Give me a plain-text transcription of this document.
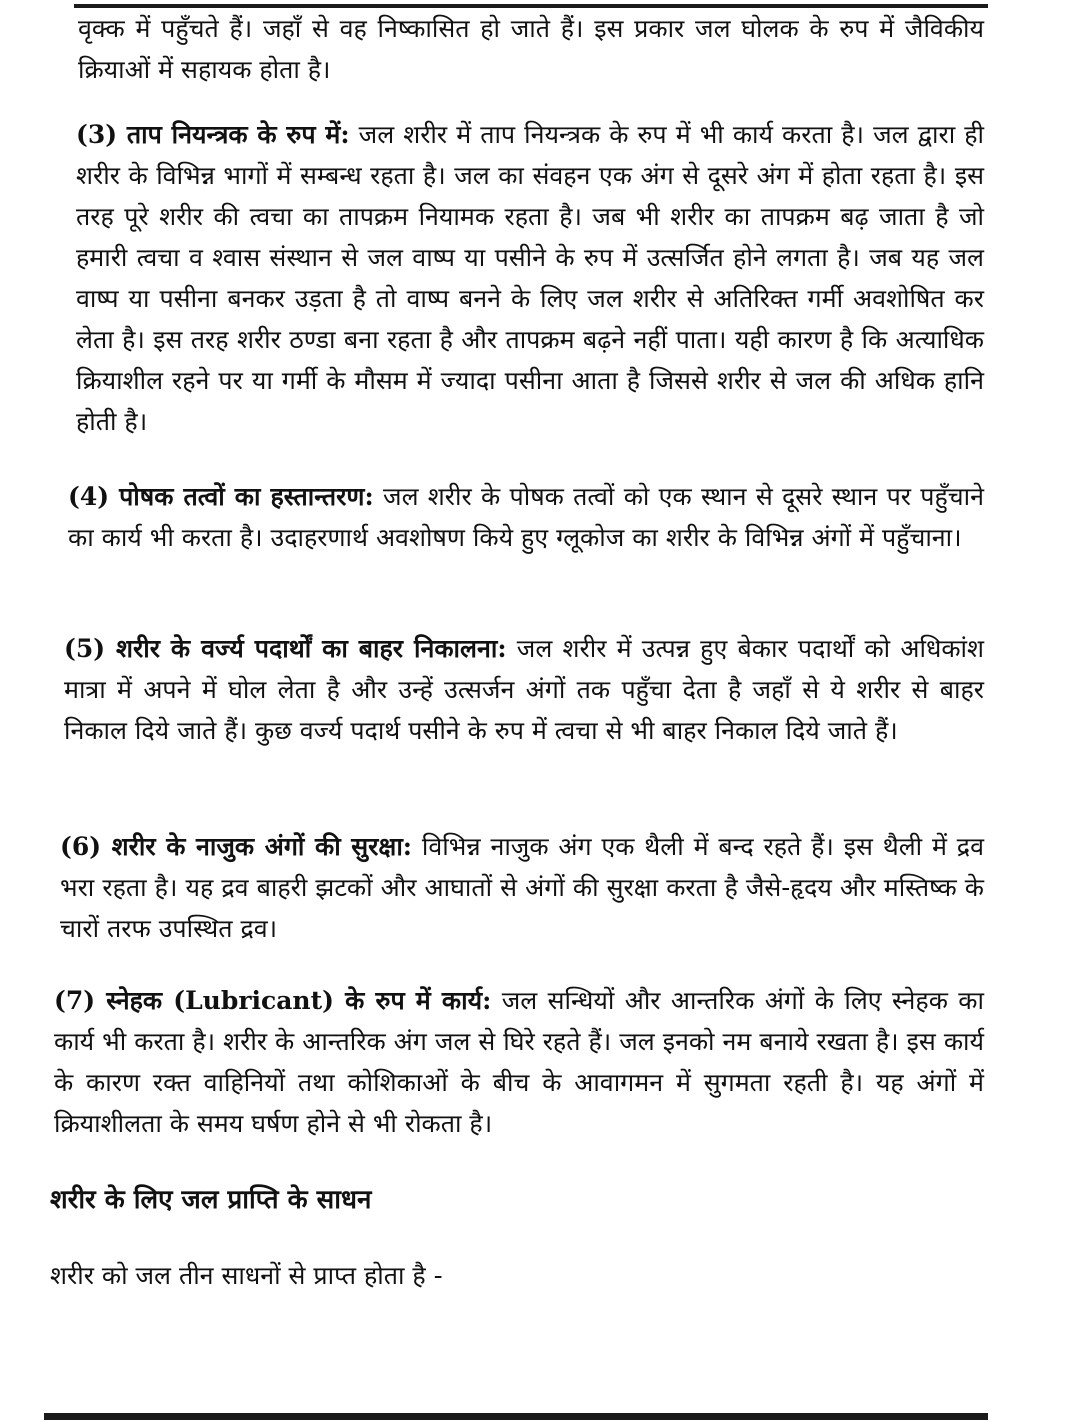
वृक्क में पहुँचते हैं। जहाँ से वह निष्कासित हो जाते हैं। इस प्रकार जल घोलक के रुप में जैविकीय क्रियाओं में सहायक होता है।

(3) ताप नियन्त्रक के रुप में: जल शरीर में ताप नियन्त्रक के रुप में भी कार्य करता है। जल द्वारा ही शरीर के विभिन्न भागों में सम्बन्ध रहता है। जल का संवहन एक अंग से दूसरे अंग में होता रहता है। इस तरह पूरे शरीर की त्वचा का तापक्रम नियामक रहता है। जब भी शरीर का तापक्रम बढ़ जाता है जो हमारी त्वचा व श्वास संस्थान से जल वाष्प या पसीने के रुप में उत्सर्जित होने लगता है। जब यह जल वाष्प या पसीना बनकर उड़ता है तो वाष्प बनने के लिए जल शरीर से अतिरिक्त गर्मी अवशोषित कर लेता है। इस तरह शरीर ठण्डा बना रहता है और तापक्रम बढ़ने नहीं पाता। यही कारण है कि अत्याधिक क्रियाशील रहने पर या गर्मी के मौसम में ज्यादा पसीना आता है जिससे शरीर से जल की अधिक हानि होती है।

(4) पोषक तत्वों का हस्तान्तरण: जल शरीर के पोषक तत्वों को एक स्थान से दूसरे स्थान पर पहुँचाने का कार्य भी करता है। उदाहरणार्थ अवशोषण किये हुए ग्लूकोज का शरीर के विभिन्न अंगों में पहुँचाना।

(5) शरीर के वर्ज्य पदार्थों का बाहर निकालना: जल शरीर में उत्पन्न हुए बेकार पदार्थों को अधिकांश मात्रा में अपने में घोल लेता है और उन्हें उत्सर्जन अंगों तक पहुँचा देता है जहाँ से ये शरीर से बाहर निकाल दिये जाते हैं। कुछ वर्ज्य पदार्थ पसीने के रुप में त्वचा से भी बाहर निकाल दिये जाते हैं।

(6) शरीर के नाजुक अंगों की सुरक्षा: विभिन्न नाजुक अंग एक थैली में बन्द रहते हैं। इस थैली में द्रव भरा रहता है। यह द्रव बाहरी झटकों और आघातों से अंगों की सुरक्षा करता है जैसे-हृदय और मस्तिष्क के चारों तरफ उपस्थित द्रव।

(7) स्नेहक (Lubricant) के रुप में कार्य: जल सन्धियों और आन्तरिक अंगों के लिए स्नेहक का कार्य भी करता है। शरीर के आन्तरिक अंग जल से घिरे रहते हैं। जल इनको नम बनाये रखता है। इस कार्य के कारण रक्त वाहिनियों तथा कोशिकाओं के बीच के आवागमन में सुगमता रहती है। यह अंगों में क्रियाशीलता के समय घर्षण होने से भी रोकता है।

शरीर के लिए जल प्राप्ति के साधन

शरीर को जल तीन साधनों से प्राप्त होता है -
